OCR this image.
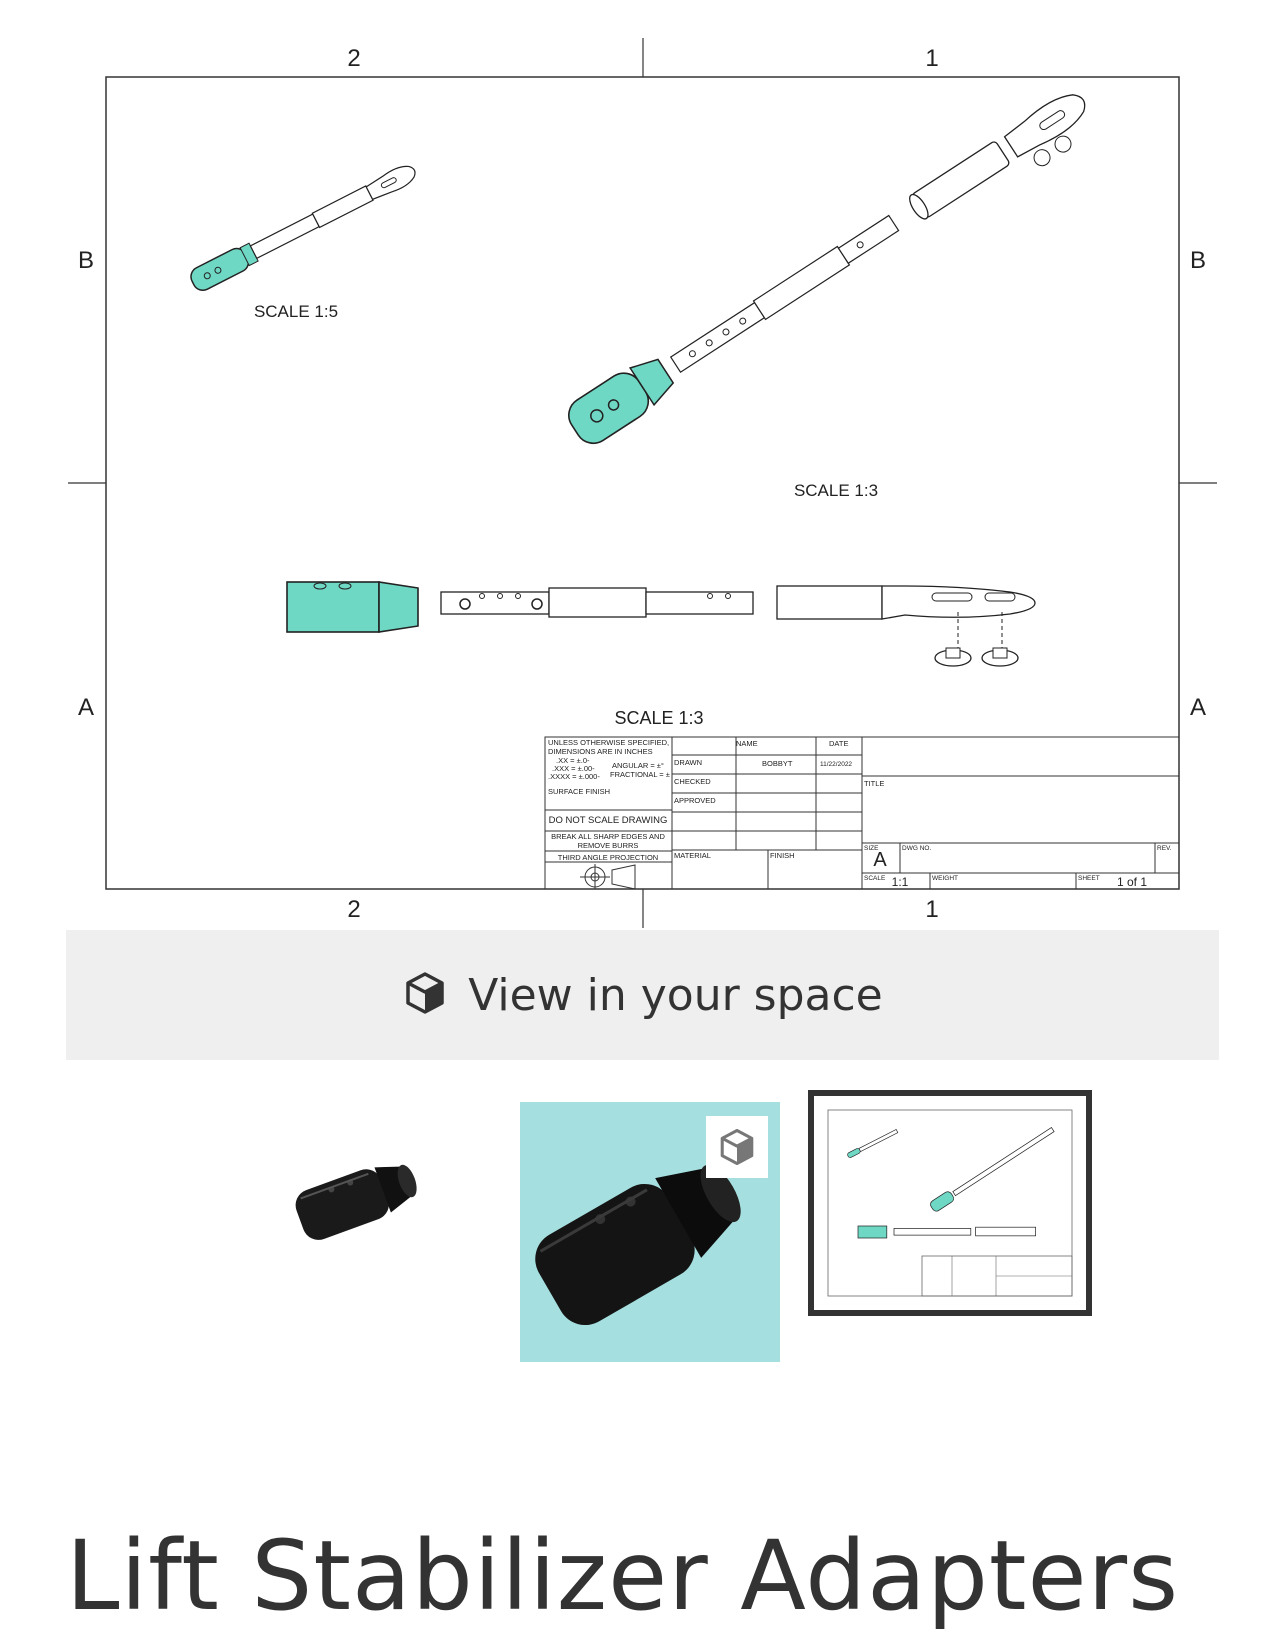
2	1
2	1
B	B
A	A
SCALE 1:5
SCALE 1:3
SCALE 1:3
UNLESS OTHERWISE SPECIFIED,
DIMENSIONS ARE IN INCHES
.XX = ±.0-
.XXX = ±.00-
.XXXX = ±.000-
ANGULAR = ±°
FRACTIONAL = ±
SURFACE FINISH
DO NOT SCALE DRAWING
BREAK ALL SHARP EDGES AND
REMOVE BURRS
THIRD ANGLE PROJECTION
NAME	DATE
DRAWN	BOBBYT	11/22/2022
CHECKED
APPROVED
MATERIAL	FINISH
TITLE
SIZE
A
DWG NO.	REV.
SCALE 1:1	WEIGHT	SHEET 1 of 1
View in your space
Lift Stabilizer Adapters
